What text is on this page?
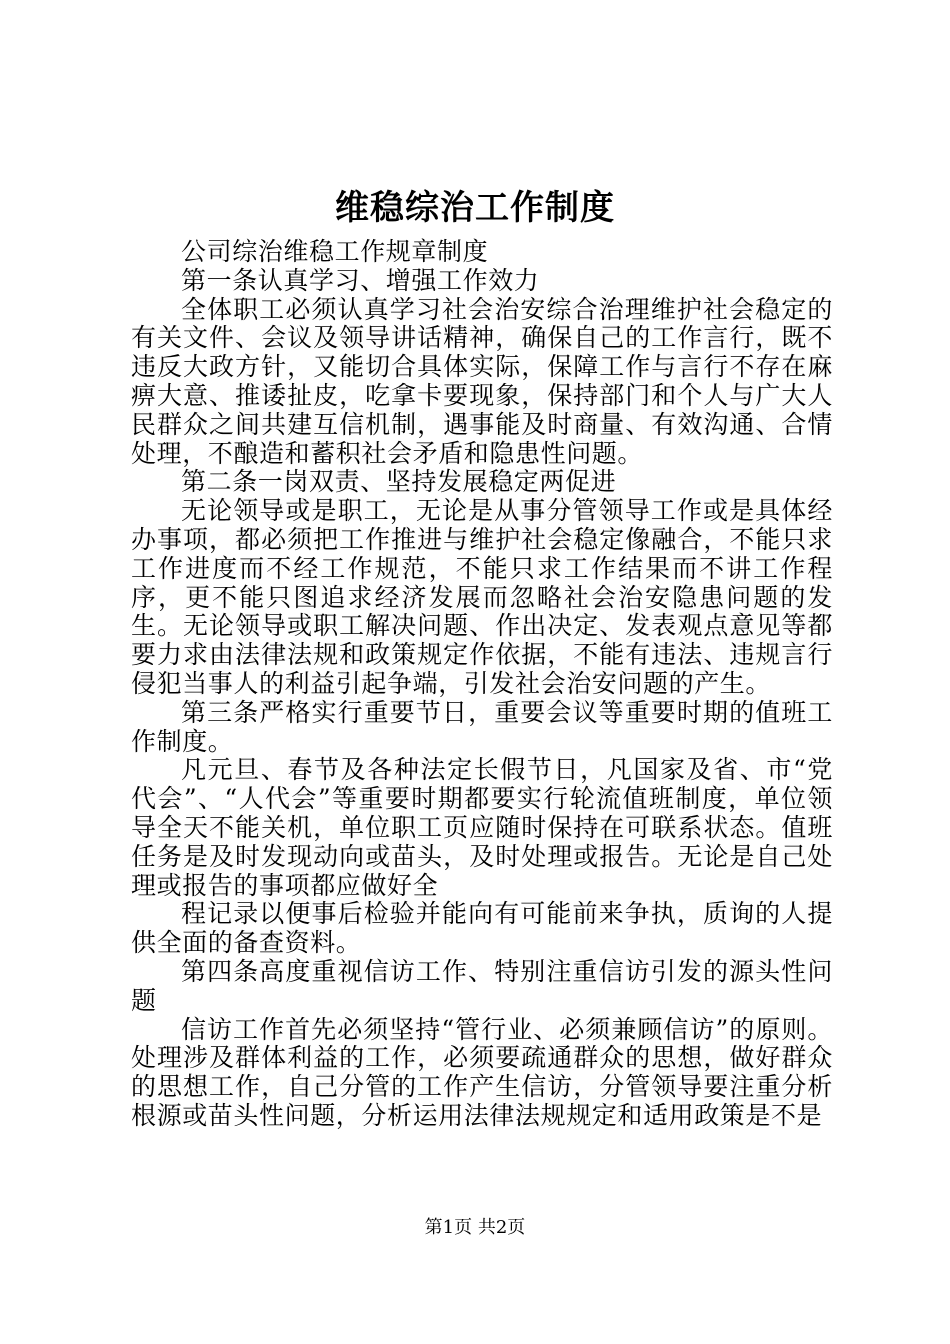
维稳综治工作制度

公司综治维稳工作规章制度

第一条认真学习、增强工作效力

全体职工必须认真学习社会治安综合治理维护社会稳定的有关文件、会议及领导讲话精神，确保自己的工作言行，既不违反大政方针，又能切合具体实际，保障工作与言行不存在麻痹大意、推诿扯皮，吃拿卡要现象，保持部门和个人与广大人民群众之间共建互信机制，遇事能及时商量、有效沟通、合情处理，不酿造和蓄积社会矛盾和隐患性问题。

第二条一岗双责、坚持发展稳定两促进

无论领导或是职工，无论是从事分管领导工作或是具体经办事项，都必须把工作推进与维护社会稳定像融合，不能只求工作进度而不经工作规范，不能只求工作结果而不讲工作程序，更不能只图追求经济发展而忽略社会治安隐患问题的发生。无论领导或职工解决问题、作出决定、发表观点意见等都要力求由法律法规和政策规定作依据，不能有违法、违规言行侵犯当事人的利益引起争端，引发社会治安问题的产生。

第三条严格实行重要节日，重要会议等重要时期的值班工作制度。

凡元旦、春节及各种法定长假节日，凡国家及省、市“党代会”、“人代会”等重要时期都要实行轮流值班制度，单位领导全天不能关机，单位职工页应随时保持在可联系状态。值班任务是及时发现动向或苗头，及时处理或报告。无论是自己处理或报告的事项都应做好全

程记录以便事后检验并能向有可能前来争执，质询的人提供全面的备查资料。

第四条高度重视信访工作、特别注重信访引发的源头性问题

信访工作首先必须坚持“管行业、必须兼顾信访”的原则。处理涉及群体利益的工作，必须要疏通群众的思想，做好群众的思想工作，自己分管的工作产生信访，分管领导要注重分析根源或苗头性问题，分析运用法律法规规定和适用政策是不是

第1页 共2页
